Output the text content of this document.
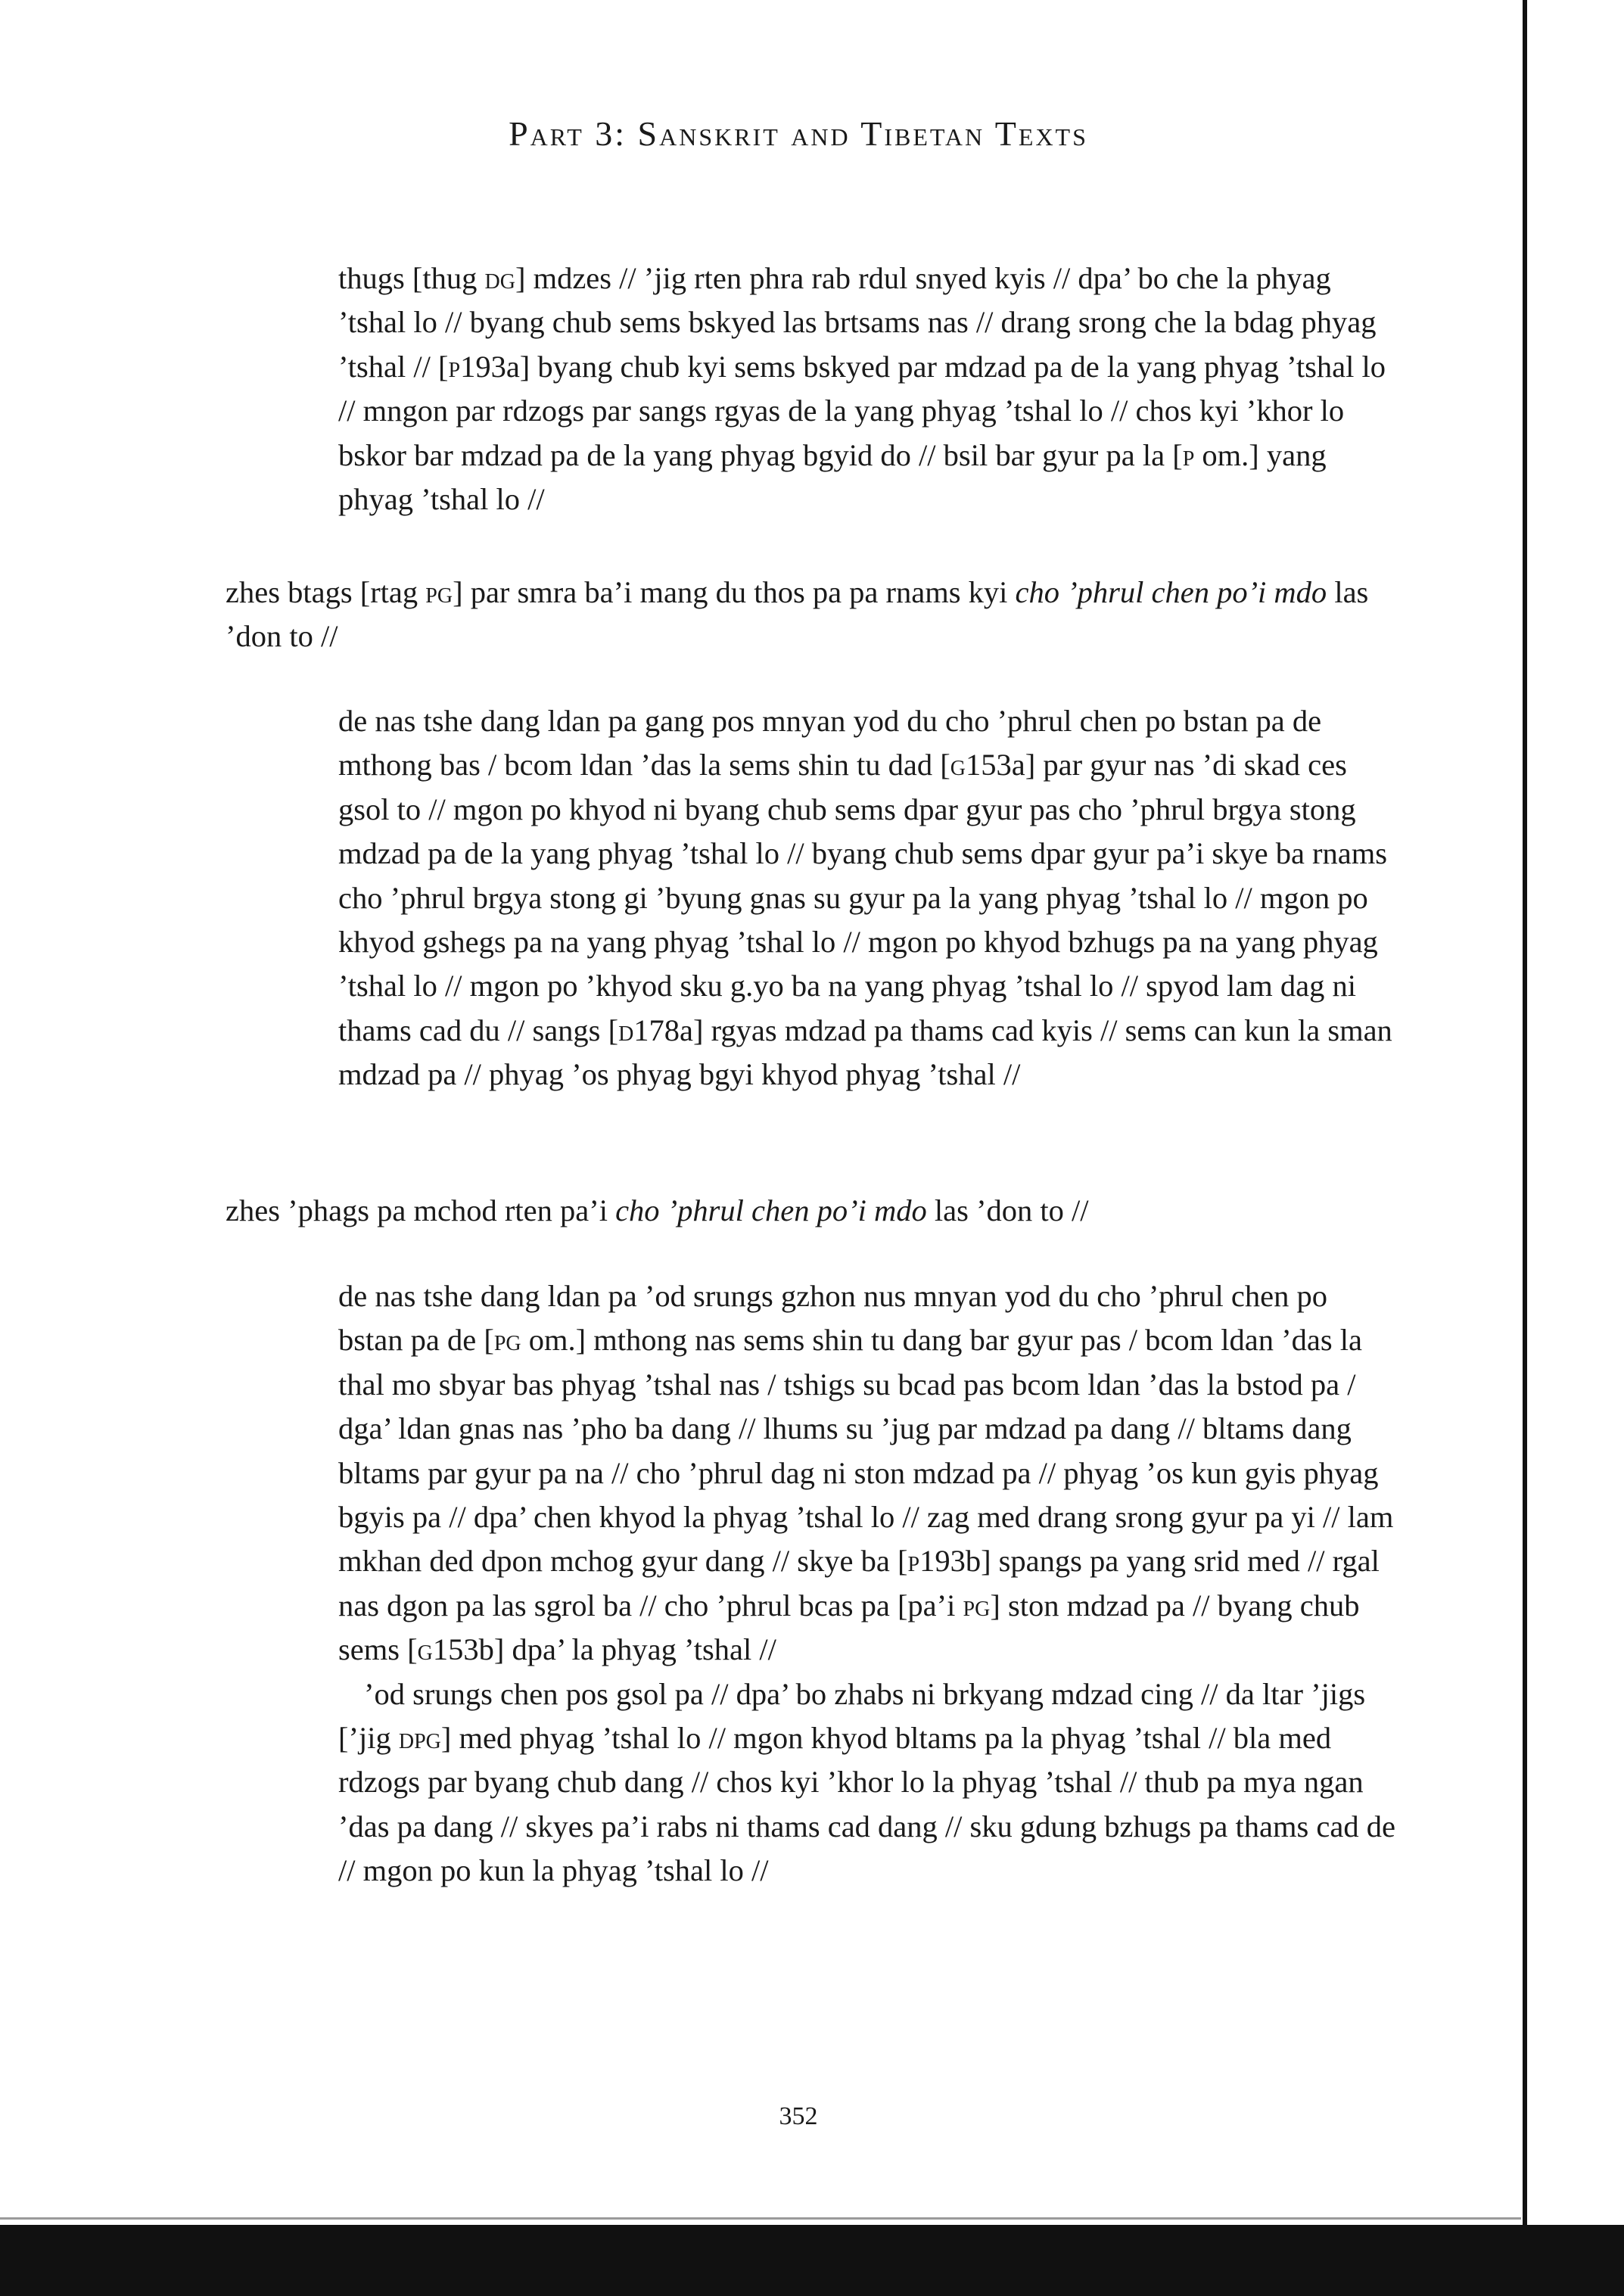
Part 3: Sanskrit and Tibetan Texts

thugs [thug dg] mdzes // ’jig rten phra rab rdul snyed kyis // dpa’ bo che la phyag ’tshal lo // byang chub sems bskyed las brtsams nas // drang srong che la bdag phyag ’tshal // [p193a] byang chub kyi sems bskyed par mdzad pa de la yang phyag ’tshal lo // mngon par rdzogs par sangs rgyas de la yang phyag ’tshal lo // chos kyi ’khor lo bskor bar mdzad pa de la yang phyag bgyid do // bsil bar gyur pa la [p om.] yang phyag ’tshal lo //

zhes btags [rtag pg] par smra ba’i mang du thos pa pa rnams kyi cho ’phrul chen po’i mdo las ’don to //

de nas tshe dang ldan pa gang pos mnyan yod du cho ’phrul chen po bstan pa de mthong bas / bcom ldan ’das la sems shin tu dad [g153a] par gyur nas ’di skad ces gsol to // mgon po khyod ni byang chub sems dpar gyur pas cho ’phrul brgya stong mdzad pa de la yang phyag ’tshal lo // byang chub sems dpar gyur pa’i skye ba rnams cho ’phrul brgya stong gi ’byung gnas su gyur pa la yang phyag ’tshal lo // mgon po khyod gshegs pa na yang phyag ’tshal lo // mgon po khyod bzhugs pa na yang phyag ’tshal lo // mgon po ’khyod sku g.yo ba na yang phyag ’tshal lo // spyod lam dag ni thams cad du // sangs [d178a] rgyas mdzad pa thams cad kyis // sems can kun la sman mdzad pa // phyag ’os phyag bgyi khyod phyag ’tshal //

zhes ’phags pa mchod rten pa’i cho ’phrul chen po’i mdo las ’don to //

de nas tshe dang ldan pa ’od srungs gzhon nus mnyan yod du cho ’phrul chen po bstan pa de [pg om.] mthong nas sems shin tu dang bar gyur pas / bcom ldan ’das la thal mo sbyar bas phyag ’tshal nas / tshigs su bcad pas bcom ldan ’das la bstod pa / dga’ ldan gnas nas ’pho ba dang // lhums su ’jug par mdzad pa dang // bltams dang bltams par gyur pa na // cho ’phrul dag ni ston mdzad pa // phyag ’os kun gyis phyag bgyis pa // dpa’ chen khyod la phyag ’tshal lo // zag med drang srong gyur pa yi // lam mkhan ded dpon mchog gyur dang // skye ba [p193b] spangs pa yang srid med // rgal nas dgon pa las sgrol ba // cho ’phrul bcas pa [pa’i pg] ston mdzad pa // byang chub sems [g153b] dpa’ la phyag ’tshal //

’od srungs chen pos gsol pa // dpa’ bo zhabs ni brkyang mdzad cing // da ltar ’jigs [’jig dpg] med phyag ’tshal lo // mgon khyod bltams pa la phyag ’tshal // bla med rdzogs par byang chub dang // chos kyi ’khor lo la phyag ’tshal // thub pa mya ngan ’das pa dang // skyes pa’i rabs ni thams cad dang // sku gdung bzhugs pa thams cad de // mgon po kun la phyag ’tshal lo //

352
